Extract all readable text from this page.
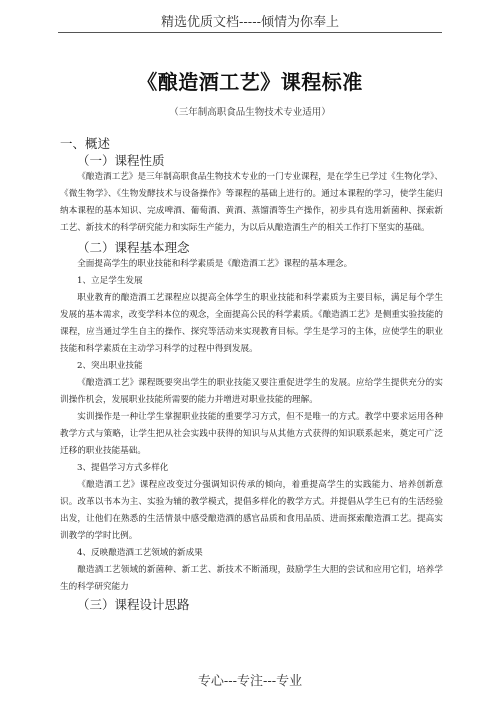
精选优质文档-----倾情为你奉上
《酿造酒工艺》课程标准
（三年制高职食品生物技术专业适用）
一、概述
（一）课程性质

《酿造酒工艺》是三年制高职食品生物技术专业的一门专业课程，是在学生已学过《生物化学》、《微生物学》、《生物发酵技术与设备操作》等课程的基础上进行的。通过本课程的学习，使学生能归纳本课程的基本知识、完成啤酒、葡萄酒、黄酒、蒸馏酒等生产操作，初步具有选用新菌种、探索新工艺、新技术的科学研究能力和实际生产能力，为以后从酿造酒生产的相关工作打下坚实的基础。

（二）课程基本理念

全面提高学生的职业技能和科学素质是《酿造酒工艺》课程的基本理念。

1、立足学生发展

职业教育的酿造酒工艺课程应以提高全体学生的职业技能和科学素质为主要目标，满足每个学生发展的基本需求，改变学科本位的观念，全面提高公民的科学素质。《酿造酒工艺》是侧重实验技能的课程，应当通过学生自主的操作、探究等活动来实现教育目标。学生是学习的主体，应使学生的职业技能和科学素质在主动学习科学的过程中得到发展。

2、突出职业技能

《酿造酒工艺》课程既要突出学生的职业技能又要注重促进学生的发展。应给学生提供充分的实训操作机会，发展职业技能所需要的能力并增进对职业技能的理解。

实训操作是一种让学生掌握职业技能的重要学习方式，但不是唯一的方式。教学中要求运用各种教学方式与策略，让学生把从社会实践中获得的知识与从其他方式获得的知识联系起来，奠定可广泛迁移的职业技能基础。

3、提倡学习方式多样化

《酿造酒工艺》课程应改变过分强调知识传承的倾向，着重提高学生的实践能力、培养创新意识。改革以书本为主、实验为辅的教学模式，提倡多样化的教学方式。并提倡从学生已有的生活经验出发，让他们在熟悉的生活情景中感受酿造酒的感官品质和食用品质、进而探索酿造酒工艺。提高实训教学的学时比例。

4、反映酿造酒工艺领域的新成果

酿造酒工艺领域的新菌种、新工艺、新技术不断涌现，鼓励学生大胆的尝试和应用它们，培养学生的科学研究能力

（三）课程设计思路
专心---专注---专业
